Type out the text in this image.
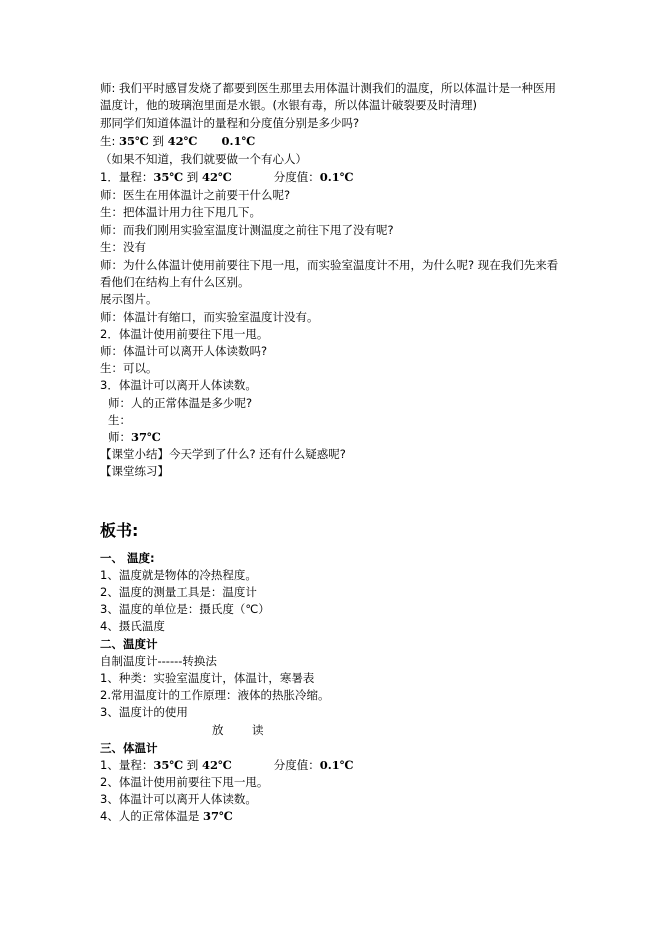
师: 我们平时感冒发烧了都要到医生那里去用体温计测我们的温度，所以体温计是一种医用
温度计，他的玻璃泡里面是水银。(水银有毒，所以体温计破裂要及时清理)
那同学们知道体温计的量程和分度值分别是多少吗?
生: 35℃ 到 42℃ 0.1℃
（如果不知道，我们就要做一个有心人）
1．量程：35℃ 到 42℃	分度值：0.1℃
师：医生在用体温计之前要干什么呢?
生：把体温计用力往下甩几下。
师：而我们刚用实验室温度计测温度之前往下甩了没有呢?
生：没有
师：为什么体温计使用前要往下甩一甩，而实验室温度计不用，为什么呢? 现在我们先来看
看他们在结构上有什么区别。
展示图片。
师：体温计有缩口，而实验室温度计没有。
2．体温计使用前要往下甩一甩。
师：体温计可以离开人体读数吗?
生：可以。
3．体温计可以离开人体读数。
师：人的正常体温是多少呢?
生：
师：37℃
【课堂小结】今天学到了什么? 还有什么疑惑呢?
【课堂练习】
板书:
一、 温度:
1、温度就是物体的冷热程度。
2、温度的测量工具是：温度计
3、温度的单位是：摄氏度（℃）
4、摄氏温度
二、温度计
自制温度计------转换法
1、种类：实验室温度计，体温计，寒暑表
2.常用温度计的工作原理：液体的热胀冷缩。
3、温度计的使用
放 读
三、体温计
1、量程：35℃ 到 42℃	分度值：0.1℃
2、体温计使用前要往下甩一甩。
3、体温计可以离开人体读数。
4、人的正常体温是 37℃
